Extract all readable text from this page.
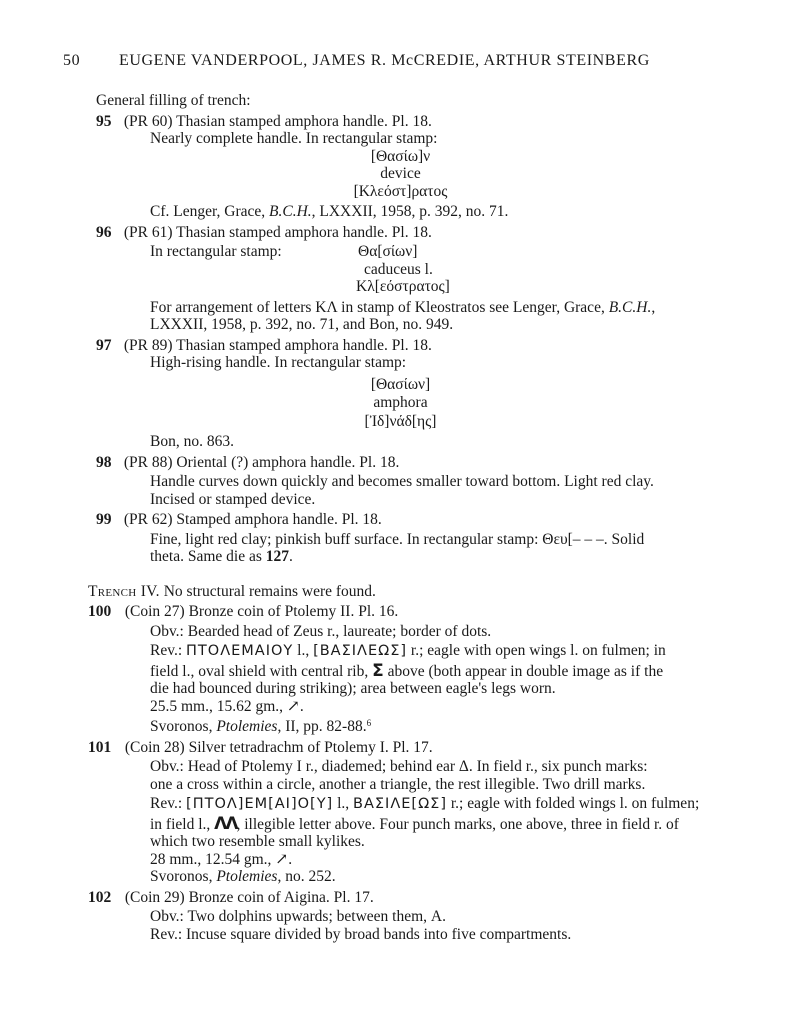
50 EUGENE VANDERPOOL, JAMES R. McCREDIE, ARTHUR STEINBERG
General filling of trench:
95 (PR 60) Thasian stamped amphora handle. Pl. 18.
Nearly complete handle. In rectangular stamp:
[Θασίω]ν
device
[Κλεόστ]ρατος
Cf. Lenger, Grace, B.C.H., LXXXII, 1958, p. 392, no. 71.
96 (PR 61) Thasian stamped amphora handle. Pl. 18.
In rectangular stamp:	Θα[σίων]
caduceus l.
Κλ[εόστρατος]
For arrangement of letters ΚΛ in stamp of Kleostratos see Lenger, Grace, B.C.H.,
LXXXII, 1958, p. 392, no. 71, and Bon, no. 949.
97 (PR 89) Thasian stamped amphora handle. Pl. 18.
High-rising handle. In rectangular stamp:
[Θασίων]
amphora
[Ἰδ]νάδ[ης]
Bon, no. 863.
98 (PR 88) Oriental (?) amphora handle. Pl. 18.
Handle curves down quickly and becomes smaller toward bottom. Light red clay.
Incised or stamped device.
99 (PR 62) Stamped amphora handle. Pl. 18.
Fine, light red clay; pinkish buff surface. In rectangular stamp: Θευ[– – –. Solid
theta. Same die as 127.
Trench IV. No structural remains were found.
100 (Coin 27) Bronze coin of Ptolemy II. Pl. 16.
Obv.: Bearded head of Zeus r., laureate; border of dots.
Rev.: ΠΤΟΛΕΜΑΙΟΥ l., [ΒΑΣΙΛΕΩΣ] r.; eagle with open wings l. on fulmen; in
field l., oval shield with central rib, Σ above (both appear in double image as if the
die had bounced during striking); area between eagle's legs worn.
25.5 mm., 15.62 gm., ↗.
Svoronos, Ptolemies, II, pp. 82-88.$^6$
101 (Coin 28) Silver tetradrachm of Ptolemy I. Pl. 17.
Obv.: Head of Ptolemy I r., diademed; behind ear Δ. In field r., six punch marks:
one a cross within a circle, another a triangle, the rest illegible. Two drill marks.
Rev.: [ΠΤΟΛ]ΕΜ[ΑΙ]Ο[Υ] l., ΒΑΣΙΛΕ[ΩΣ] r.; eagle with folded wings l. on fulmen;
in field l., ΛΛ, illegible letter above. Four punch marks, one above, three in field r. of
which two resemble small kylikes.
28 mm., 12.54 gm., ↗.
Svoronos, Ptolemies, no. 252.
102 (Coin 29) Bronze coin of Aigina. Pl. 17.
Obv.: Two dolphins upwards; between them, Α.
Rev.: Incuse square divided by broad bands into five compartments.
